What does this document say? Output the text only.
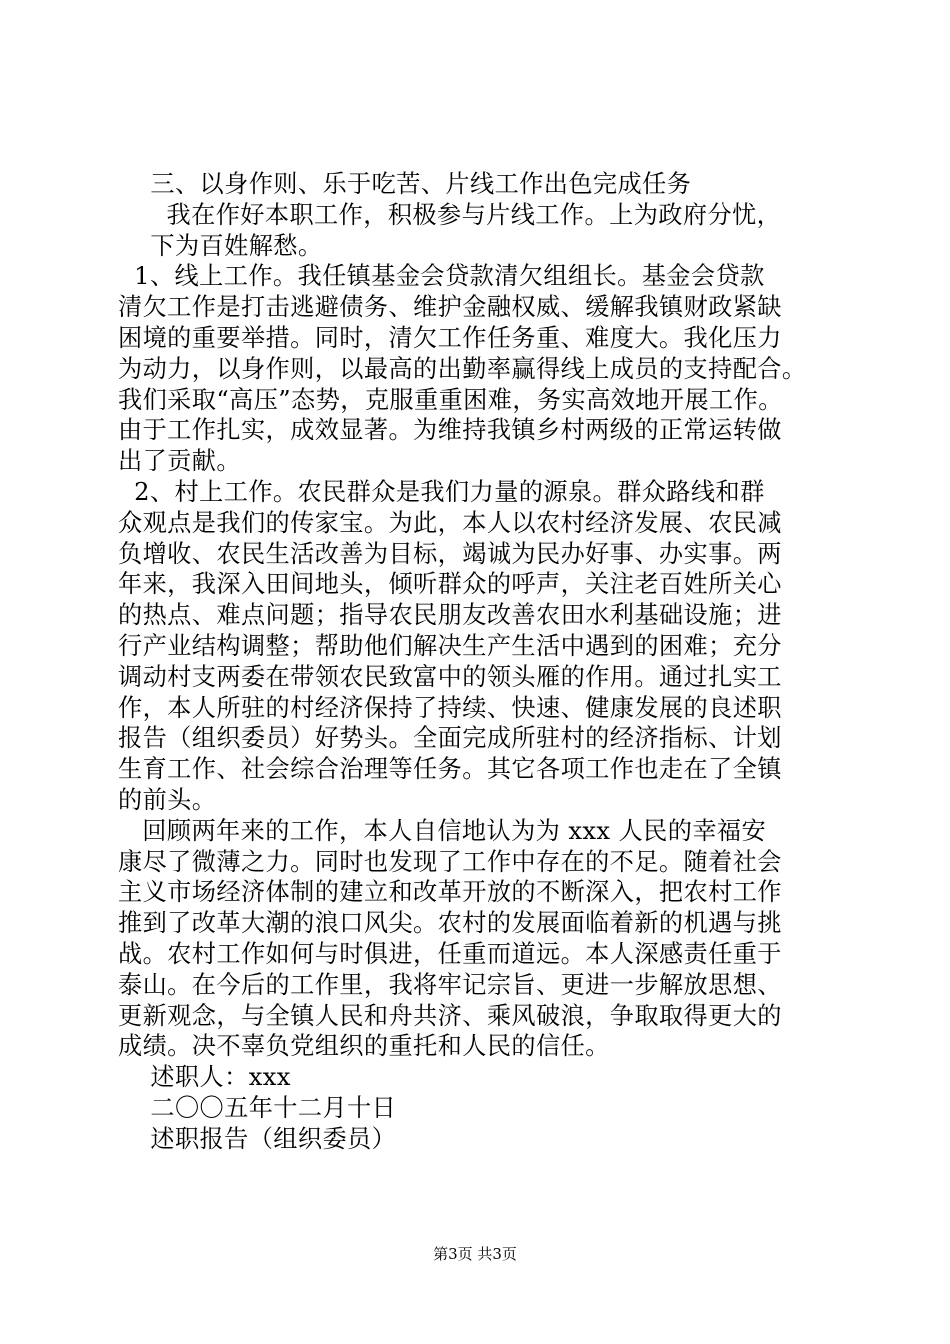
三、以身作则、乐于吃苦、片线工作出色完成任务
我在作好本职工作，积极参与片线工作。上为政府分忧，
下为百姓解愁。
1、线上工作。我任镇基金会贷款清欠组组长。基金会贷款
清欠工作是打击逃避债务、维护金融权威、缓解我镇财政紧缺
困境的重要举措。同时，清欠工作任务重、难度大。我化压力
为动力，以身作则，以最高的出勤率赢得线上成员的支持配合。
我们采取“高压”态势，克服重重困难，务实高效地开展工作。
由于工作扎实，成效显著。为维持我镇乡村两级的正常运转做
出了贡献。
2、村上工作。农民群众是我们力量的源泉。群众路线和群
众观点是我们的传家宝。为此，本人以农村经济发展、农民减
负增收、农民生活改善为目标，竭诚为民办好事、办实事。两
年来，我深入田间地头，倾听群众的呼声，关注老百姓所关心
的热点、难点问题；指导农民朋友改善农田水利基础设施；进
行产业结构调整；帮助他们解决生产生活中遇到的困难；充分
调动村支两委在带领农民致富中的领头雁的作用。通过扎实工
作，本人所驻的村经济保持了持续、快速、健康发展的良述职
报告（组织委员）好势头。全面完成所驻村的经济指标、计划
生育工作、社会综合治理等任务。其它各项工作也走在了全镇
的前头。
回顾两年来的工作，本人自信地认为为 xxx 人民的幸福安
康尽了微薄之力。同时也发现了工作中存在的不足。随着社会
主义市场经济体制的建立和改革开放的不断深入，把农村工作
推到了改革大潮的浪口风尖。农村的发展面临着新的机遇与挑
战。农村工作如何与时俱进，任重而道远。本人深感责任重于
泰山。在今后的工作里，我将牢记宗旨、更进一步解放思想、
更新观念，与全镇人民和舟共济、乘风破浪，争取取得更大的
成绩。决不辜负党组织的重托和人民的信任。
述职人：xxx
二〇〇五年十二月十日
述职报告（组织委员）
第3页 共3页
